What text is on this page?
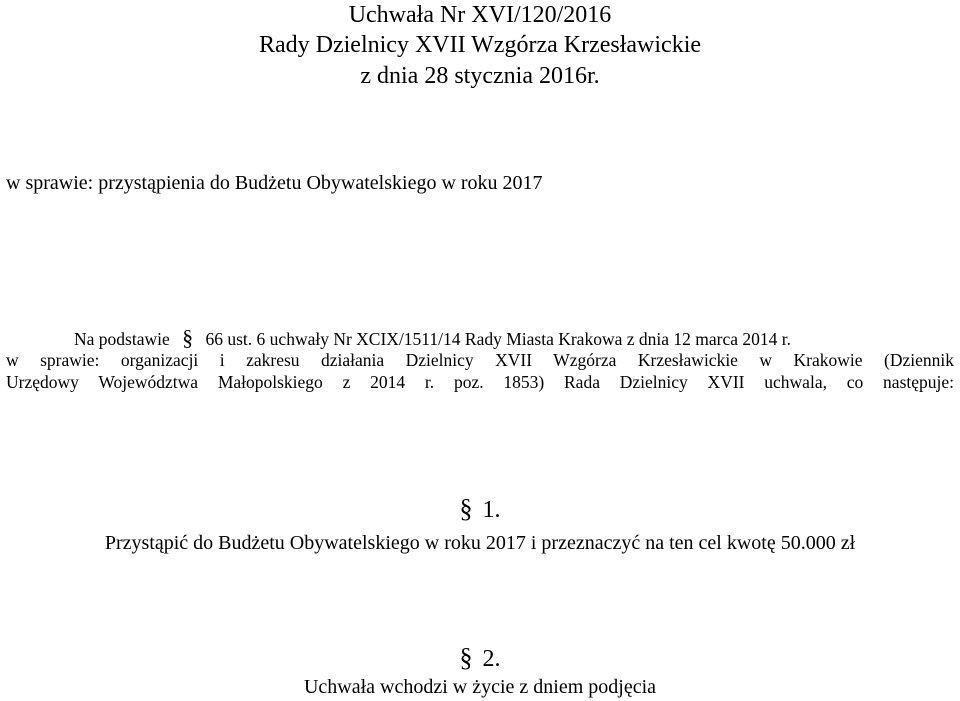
Uchwała Nr XVI/120/2016
Rady Dzielnicy XVII Wzgórza Krzesławickie
z dnia 28 stycznia 2016r.
w sprawie: przystąpienia do Budżetu Obywatelskiego w roku 2017
Na podstawie § 66 ust. 6 uchwały Nr XCIX/1511/14 Rady Miasta Krakowa z dnia 12 marca 2014 r.
w sprawie: organizacji i zakresu działania Dzielnicy XVII Wzgórza Krzesławickie w Krakowie (Dziennik
Urzędowy Województwa Małopolskiego z 2014 r. poz. 1853) Rada Dzielnicy XVII uchwala, co następuje:
§ 1.
Przystąpić do Budżetu Obywatelskiego w roku 2017 i przeznaczyć na ten cel kwotę 50.000 zł
§ 2.
Uchwała wchodzi w życie z dniem podjęcia
